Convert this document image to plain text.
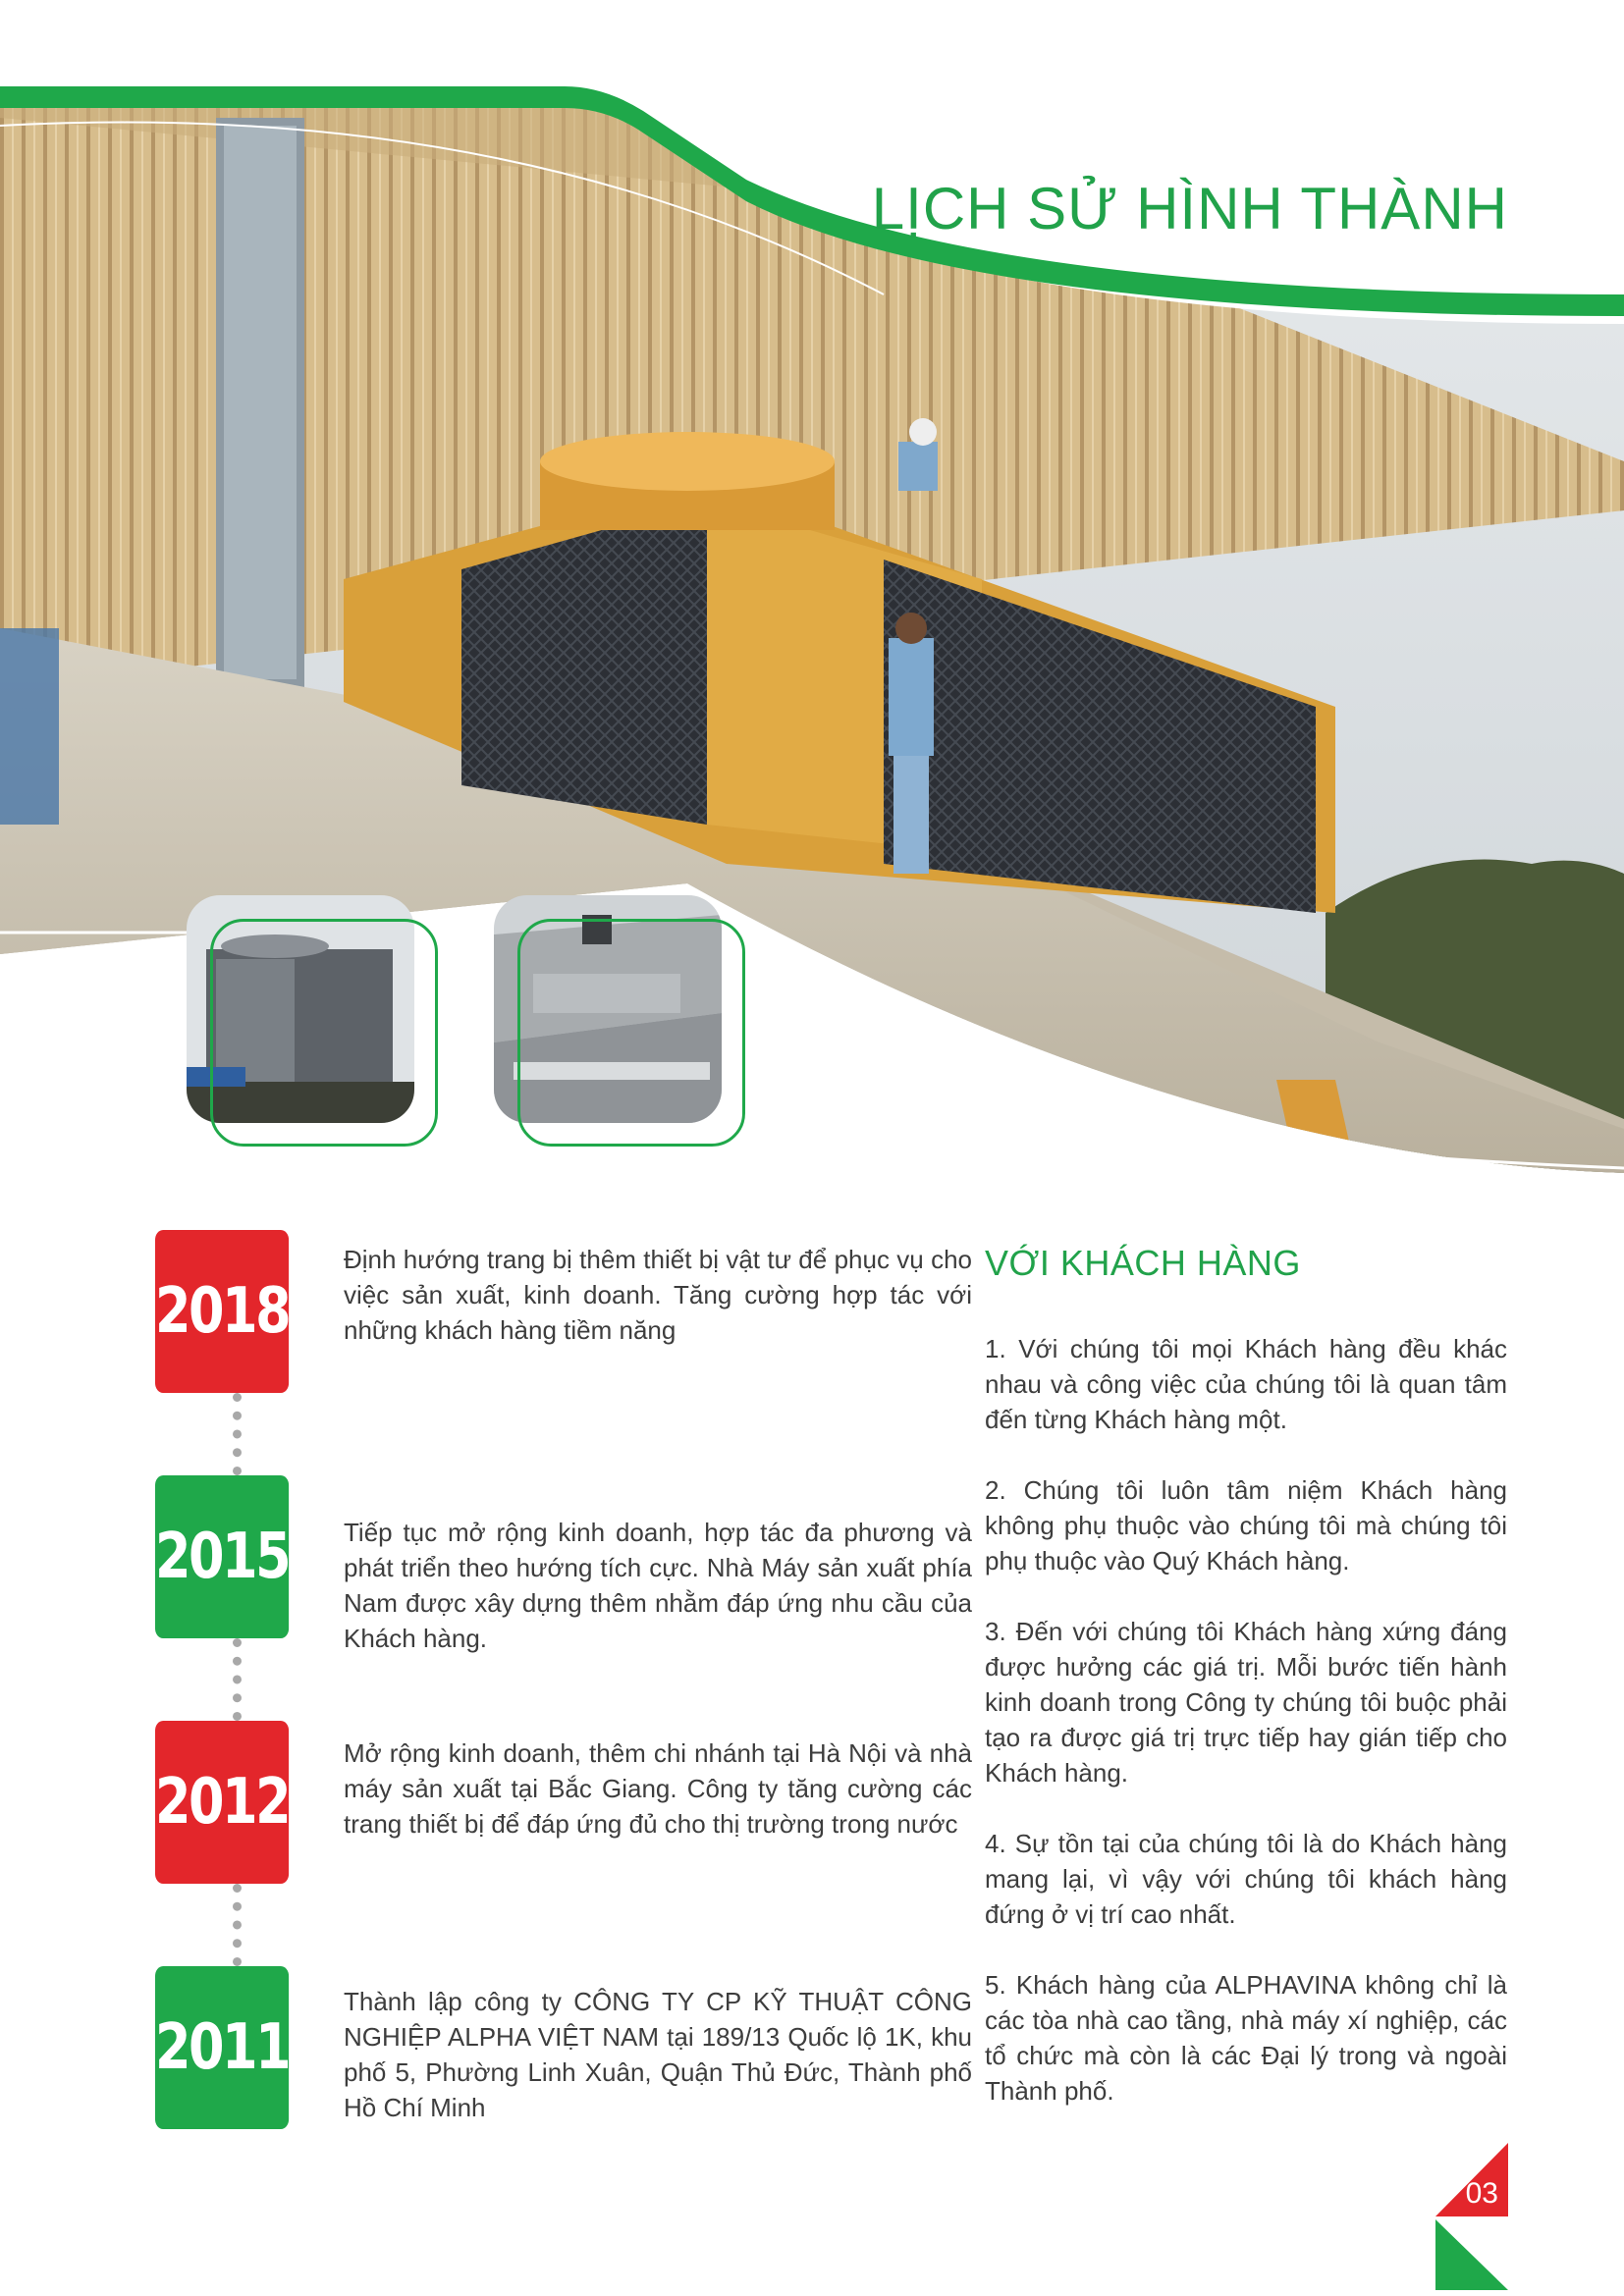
LỊCH SỬ HÌNH THÀNH
2018
Định hướng trang bị thêm thiết bị vật tư để phục vụ cho việc sản xuất, kinh doanh. Tăng cường hợp tác với những khách hàng tiềm năng
2015 Tiếp tục mở rộng kinh doanh, hợp tác đa phương và phát triển theo hướng tích cực. Nhà Máy sản xuất phía Nam được xây dựng thêm nhằm đáp ứng nhu cầu của Khách hàng.
2012
Mở rộng kinh doanh, thêm chi nhánh tại Hà Nội và nhà máy sản xuất tại Bắc Giang. Công ty tăng cường các trang thiết bị để đáp ứng đủ cho thị trường trong nước
2011
Thành lập công ty CÔNG TY CP KỸ THUẬT CÔNG NGHIỆP ALPHA VIỆT NAM tại 189/13 Quốc lộ 1K, khu phố 5, Phường Linh Xuân, Quận Thủ Đức, Thành phố Hồ Chí Minh
VỚI KHÁCH HÀNG

1. Với chúng tôi mọi Khách hàng đều khác nhau và công việc của chúng tôi là quan tâm đến từng Khách hàng một.

2. Chúng tôi luôn tâm niệm Khách hàng không phụ thuộc vào chúng tôi mà chúng tôi phụ thuộc vào Quý Khách hàng.

3. Đến với chúng tôi Khách hàng xứng đáng được hưởng các giá trị. Mỗi bước tiến hành kinh doanh trong Công ty chúng tôi buộc phải tạo ra được giá trị trực tiếp hay gián tiếp cho Khách hàng.

4. Sự tồn tại của chúng tôi là do Khách hàng mang lại, vì vậy với chúng tôi khách hàng đứng ở vị trí cao nhất.

5. Khách hàng của ALPHAVINA không chỉ là các tòa nhà cao tầng, nhà máy xí nghiệp, các tổ chức mà còn là các Đại lý trong và ngoài Thành phố.

03
